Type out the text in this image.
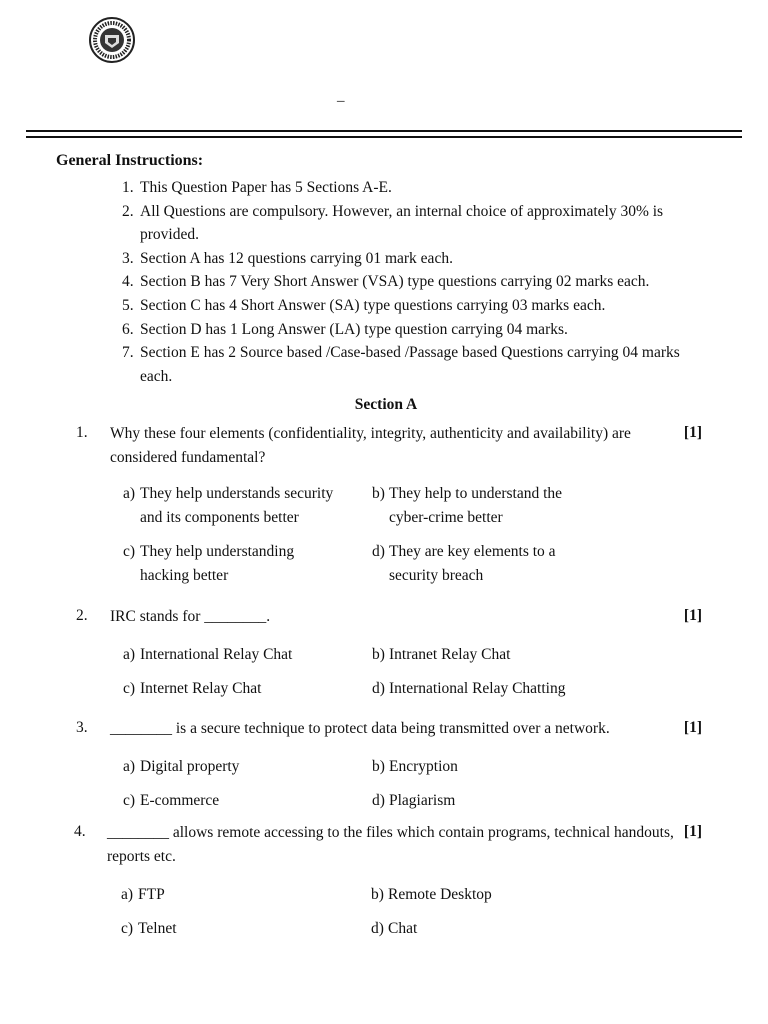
_
General Instructions:
1. This Question Paper has 5 Sections A-E.
2. All Questions are compulsory. However, an internal choice of approximately 30% is provided.
3. Section A has 12 questions carrying 01 mark each.
4. Section B has 7 Very Short Answer (VSA) type questions carrying 02 marks each.
5. Section C has 4 Short Answer (SA) type questions carrying 03 marks each.
6. Section D has 1 Long Answer (LA) type question carrying 04 marks.
7. Section E has 2 Source based /Case-based /Passage based Questions carrying 04 marks each.
Section A
1. Why these four elements (confidentiality, integrity, authenticity and availability) are considered fundamental?
[1]
a) They help understands security and its components better
b) They help to understand the cyber-crime better
c) They help understanding hacking better
d) They are key elements to a security breach
2. IRC stands for ________.	[1]
a) International Relay Chat	b) Intranet Relay Chat
c) Internet Relay Chat	d) International Relay Chatting
3. ________ is a secure technique to protect data being transmitted over a network.	[1]
a) Digital property	b) Encryption
c) E-commerce	d) Plagiarism
4. ________ allows remote accessing to the files which contain programs, technical handouts, reports etc.
[1]
a) FTP	b) Remote Desktop
c) Telnet	d) Chat
